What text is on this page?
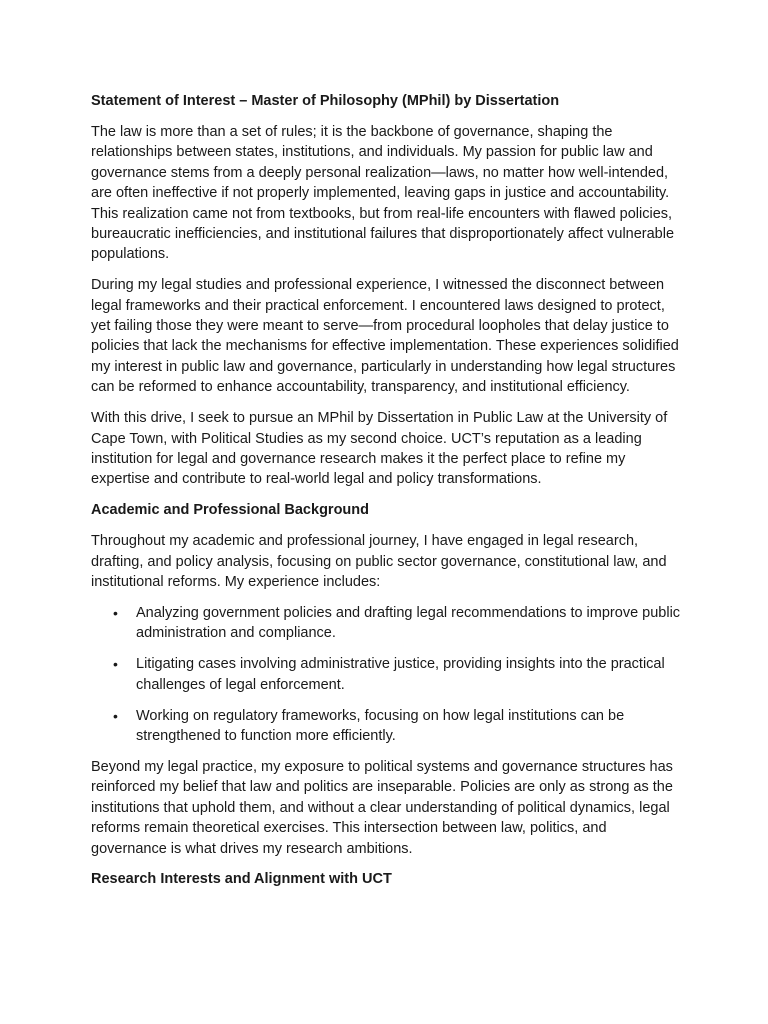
Statement of Interest – Master of Philosophy (MPhil) by Dissertation

The law is more than a set of rules; it is the backbone of governance, shaping the relationships between states, institutions, and individuals. My passion for public law and governance stems from a deeply personal realization—laws, no matter how well-intended, are often ineffective if not properly implemented, leaving gaps in justice and accountability. This realization came not from textbooks, but from real-life encounters with flawed policies, bureaucratic inefficiencies, and institutional failures that disproportionately affect vulnerable populations.

During my legal studies and professional experience, I witnessed the disconnect between legal frameworks and their practical enforcement. I encountered laws designed to protect, yet failing those they were meant to serve—from procedural loopholes that delay justice to policies that lack the mechanisms for effective implementation. These experiences solidified my interest in public law and governance, particularly in understanding how legal structures can be reformed to enhance accountability, transparency, and institutional efficiency.

With this drive, I seek to pursue an MPhil by Dissertation in Public Law at the University of Cape Town, with Political Studies as my second choice. UCT’s reputation as a leading institution for legal and governance research makes it the perfect place to refine my expertise and contribute to real-world legal and policy transformations.

Academic and Professional Background

Throughout my academic and professional journey, I have engaged in legal research, drafting, and policy analysis, focusing on public sector governance, constitutional law, and institutional reforms. My experience includes:

• Analyzing government policies and drafting legal recommendations to improve public administration and compliance.
• Litigating cases involving administrative justice, providing insights into the practical challenges of legal enforcement.
• Working on regulatory frameworks, focusing on how legal institutions can be strengthened to function more efficiently.

Beyond my legal practice, my exposure to political systems and governance structures has reinforced my belief that law and politics are inseparable. Policies are only as strong as the institutions that uphold them, and without a clear understanding of political dynamics, legal reforms remain theoretical exercises. This intersection between law, politics, and governance is what drives my research ambitions.

Research Interests and Alignment with UCT
